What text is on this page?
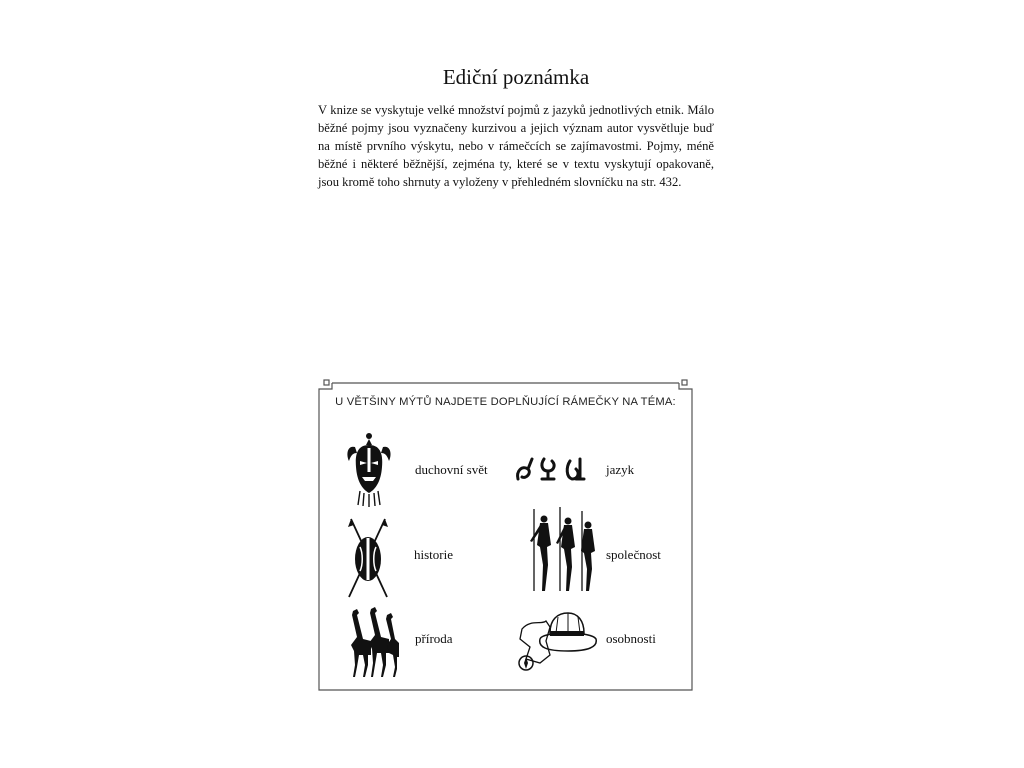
Ediční poznámka

V knize se vyskytuje velké množství pojmů z jazyků jednotlivých etnik. Málo běžné pojmy jsou vyznačeny kurzivou a jejich význam autor vysvětluje buď na místě prvního výskytu, nebo v rámečcích se zajímavostmi. Pojmy, méně běžné i některé běžnější, zejména ty, které se v textu vyskytují opakovaně, jsou kromě toho shrnuty a vyloženy v přehledném slovníčku na str. 432.

U VĚTŠINY MÝTŮ NAJDETE DOPLŇUJÍCÍ RÁMEČKY NA TÉMA:
duchovní svět	jazyk
historie	společnost
příroda	osobnosti
